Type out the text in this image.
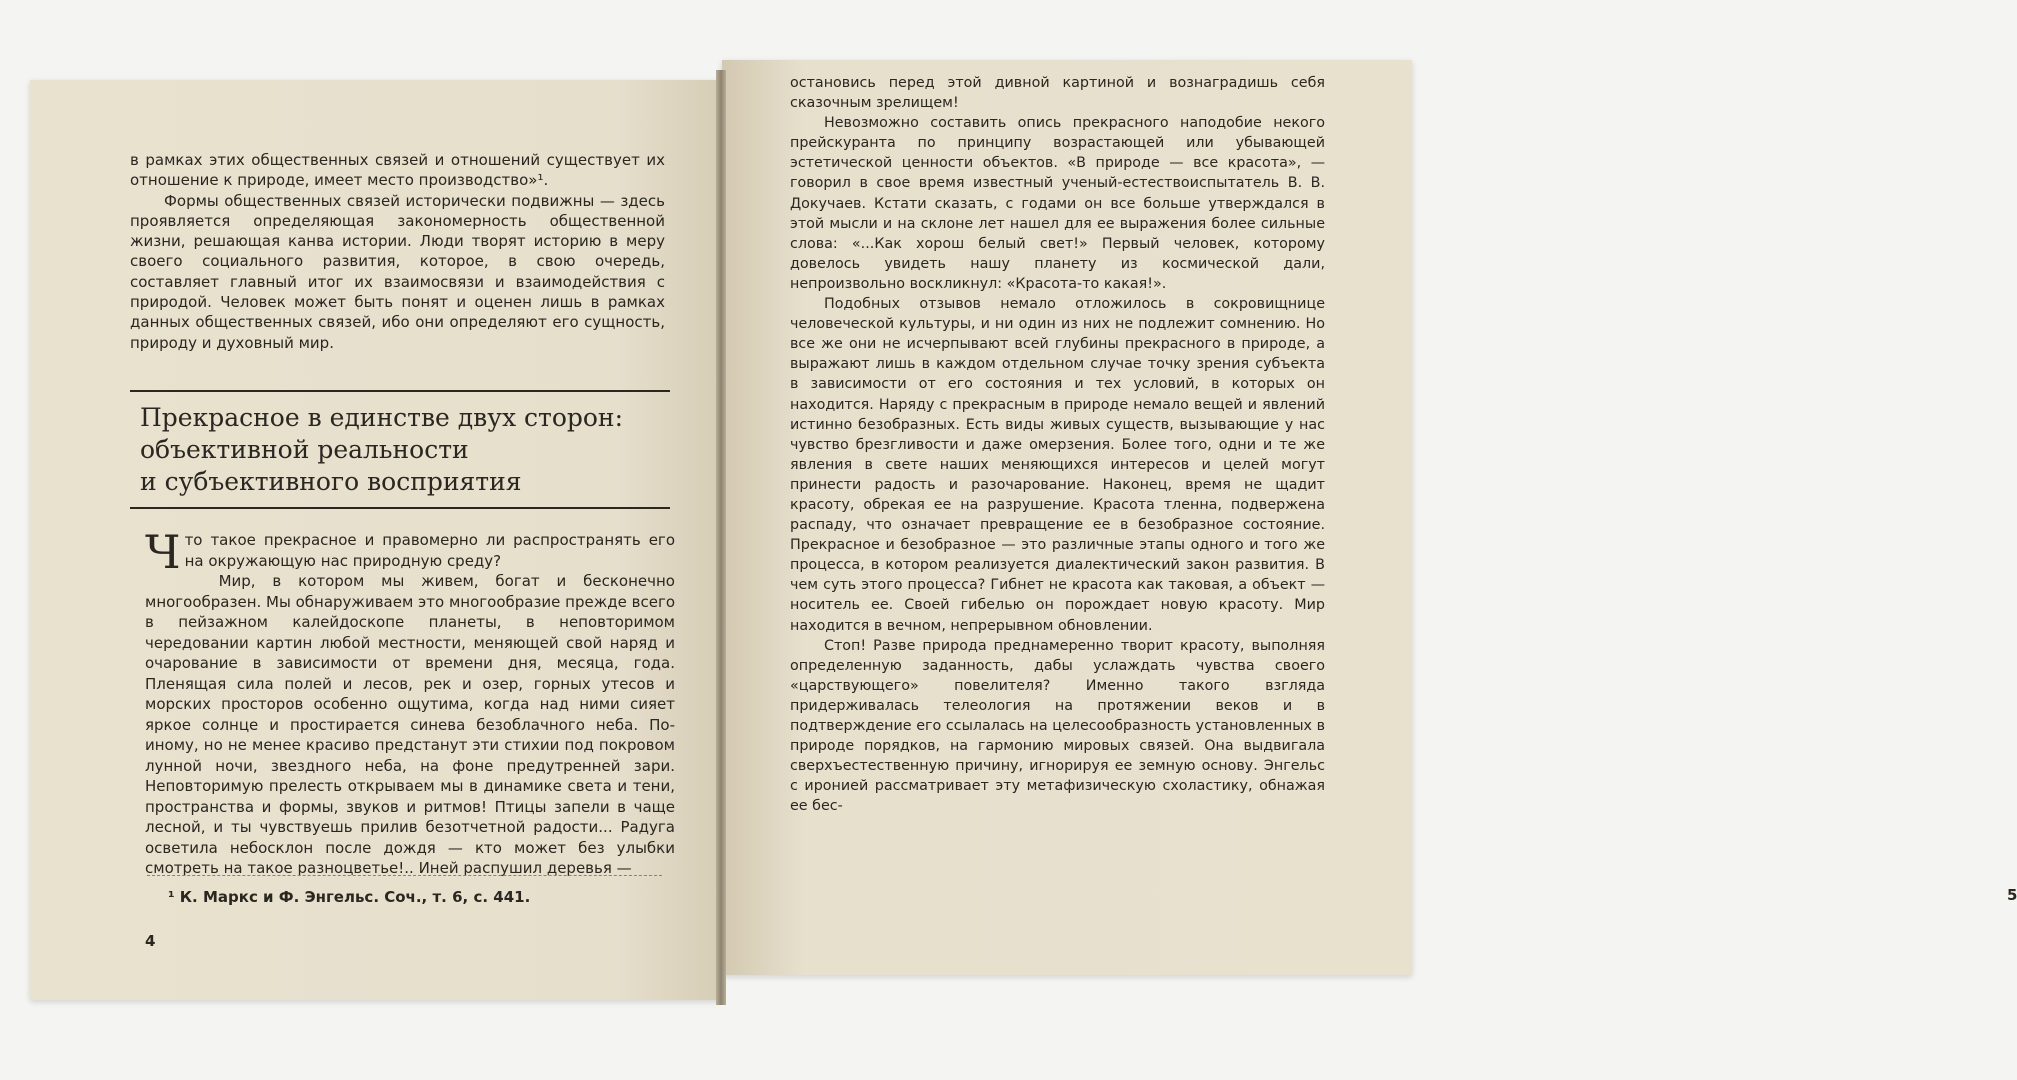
в рамках этих общественных связей и отношений существует их отношение к природе, имеет место производство»¹.

Формы общественных связей исторически подвижны — здесь проявляется определяющая закономерность общественной жизни, решающая канва истории. Люди творят историю в меру своего социального развития, которое, в свою очередь, составляет главный итог их взаимосвязи и взаимодействия с природой. Человек может быть понят и оценен лишь в рамках данных общественных связей, ибо они определяют его сущность, природу и духовный мир.

Прекрасное в единстве двух сторон:
объективной реальности
и субъективного восприятия

Что такое прекрасное и правомерно ли распространять его на окружающую нас природную среду?

Мир, в котором мы живем, богат и бесконечно многообразен. Мы обнаруживаем это многообразие прежде всего в пейзажном калейдоскопе планеты, в неповторимом чередовании картин любой местности, меняющей свой наряд и очарование в зависимости от времени дня, месяца, года. Пленящая сила полей и лесов, рек и озер, горных утесов и морских просторов особенно ощутима, когда над ними сияет яркое солнце и простирается синева безоблачного неба. По-иному, но не менее красиво предстанут эти стихии под покровом лунной ночи, звездного неба, на фоне предутренней зари. Неповторимую прелесть открываем мы в динамике света и тени, пространства и формы, звуков и ритмов! Птицы запели в чаще лесной, и ты чувствуешь прилив безотчетной радости... Радуга осветила небосклон после дождя — кто может без улыбки смотреть на такое разноцветье!.. Иней распушил деревья —

¹ К. Маркс и Ф. Энгельс. Соч., т. 6, с. 441.
4
5

остановись перед этой дивной картиной и вознаградишь себя сказочным зрелищем!

Невозможно составить опись прекрасного наподобие некого прейскуранта по принципу возрастающей или убывающей эстетической ценности объектов. «В природе — все красота», — говорил в свое время известный ученый-естествоиспытатель В. В. Докучаев. Кстати сказать, с годами он все больше утверждался в этой мысли и на склоне лет нашел для ее выражения более сильные слова: «...Как хорош белый свет!» Первый человек, которому довелось увидеть нашу планету из космической дали, непроизвольно воскликнул: «Красота-то какая!».

Подобных отзывов немало отложилось в сокровищнице человеческой культуры, и ни один из них не подлежит сомнению. Но все же они не исчерпывают всей глубины прекрасного в природе, а выражают лишь в каждом отдельном случае точку зрения субъекта в зависимости от его состояния и тех условий, в которых он находится. Наряду с прекрасным в природе немало вещей и явлений истинно безобразных. Есть виды живых существ, вызывающие у нас чувство брезгливости и даже омерзения. Более того, одни и те же явления в свете наших меняющихся интересов и целей могут принести радость и разочарование. Наконец, время не щадит красоту, обрекая ее на разрушение. Красота тленна, подвержена распаду, что означает превращение ее в безобразное состояние. Прекрасное и безобразное — это различные этапы одного и того же процесса, в котором реализуется диалектический закон развития. В чем суть этого процесса? Гибнет не красота как таковая, а объект — носитель ее. Своей гибелью он порождает новую красоту. Мир находится в вечном, непрерывном обновлении.

Стоп! Разве природа преднамеренно творит красоту, выполняя определенную заданность, дабы услаждать чувства своего «царствующего» повелителя? Именно такого взгляда придерживалась телеология на протяжении веков и в подтверждение его ссылалась на целесообразность установленных в природе порядков, на гармонию мировых связей. Она выдвигала сверхъестественную причину, игнорируя ее земную основу. Энгельс с иронией рассматривает эту метафизическую схоластику, обнажая ее бес-
